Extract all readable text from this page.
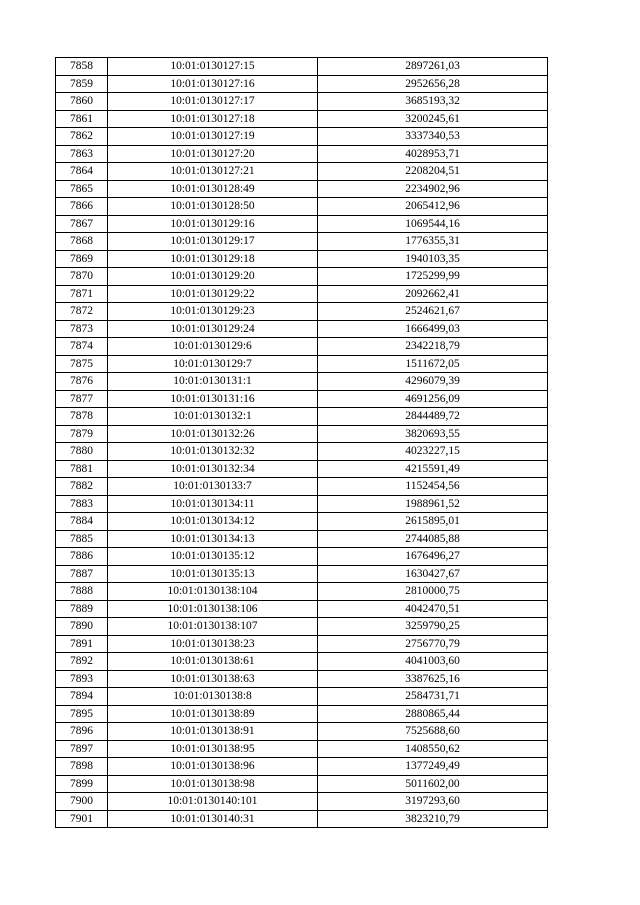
7858	10:01:0130127:15	2897261,03
7859	10:01:0130127:16	2952656,28
7860	10:01:0130127:17	3685193,32
7861	10:01:0130127:18	3200245,61
7862	10:01:0130127:19	3337340,53
7863	10:01:0130127:20	4028953,71
7864	10:01:0130127:21	2208204,51
7865	10:01:0130128:49	2234902,96
7866	10:01:0130128:50	2065412,96
7867	10:01:0130129:16	1069544,16
7868	10:01:0130129:17	1776355,31
7869	10:01:0130129:18	1940103,35
7870	10:01:0130129:20	1725299,99
7871	10:01:0130129:22	2092662,41
7872	10:01:0130129:23	2524621,67
7873	10:01:0130129:24	1666499,03
7874	10:01:0130129:6	2342218,79
7875	10:01:0130129:7	1511672,05
7876	10:01:0130131:1	4296079,39
7877	10:01:0130131:16	4691256,09
7878	10:01:0130132:1	2844489,72
7879	10:01:0130132:26	3820693,55
7880	10:01:0130132:32	4023227,15
7881	10:01:0130132:34	4215591,49
7882	10:01:0130133:7	1152454,56
7883	10:01:0130134:11	1988961,52
7884	10:01:0130134:12	2615895,01
7885	10:01:0130134:13	2744085,88
7886	10:01:0130135:12	1676496,27
7887	10:01:0130135:13	1630427,67
7888	10:01:0130138:104	2810000,75
7889	10:01:0130138:106	4042470,51
7890	10:01:0130138:107	3259790,25
7891	10:01:0130138:23	2756770,79
7892	10:01:0130138:61	4041003,60
7893	10:01:0130138:63	3387625,16
7894	10:01:0130138:8	2584731,71
7895	10:01:0130138:89	2880865,44
7896	10:01:0130138:91	7525688,60
7897	10:01:0130138:95	1408550,62
7898	10:01:0130138:96	1377249,49
7899	10:01:0130138:98	5011602,00
7900	10:01:0130140:101	3197293,60
7901	10:01:0130140:31	3823210,79
